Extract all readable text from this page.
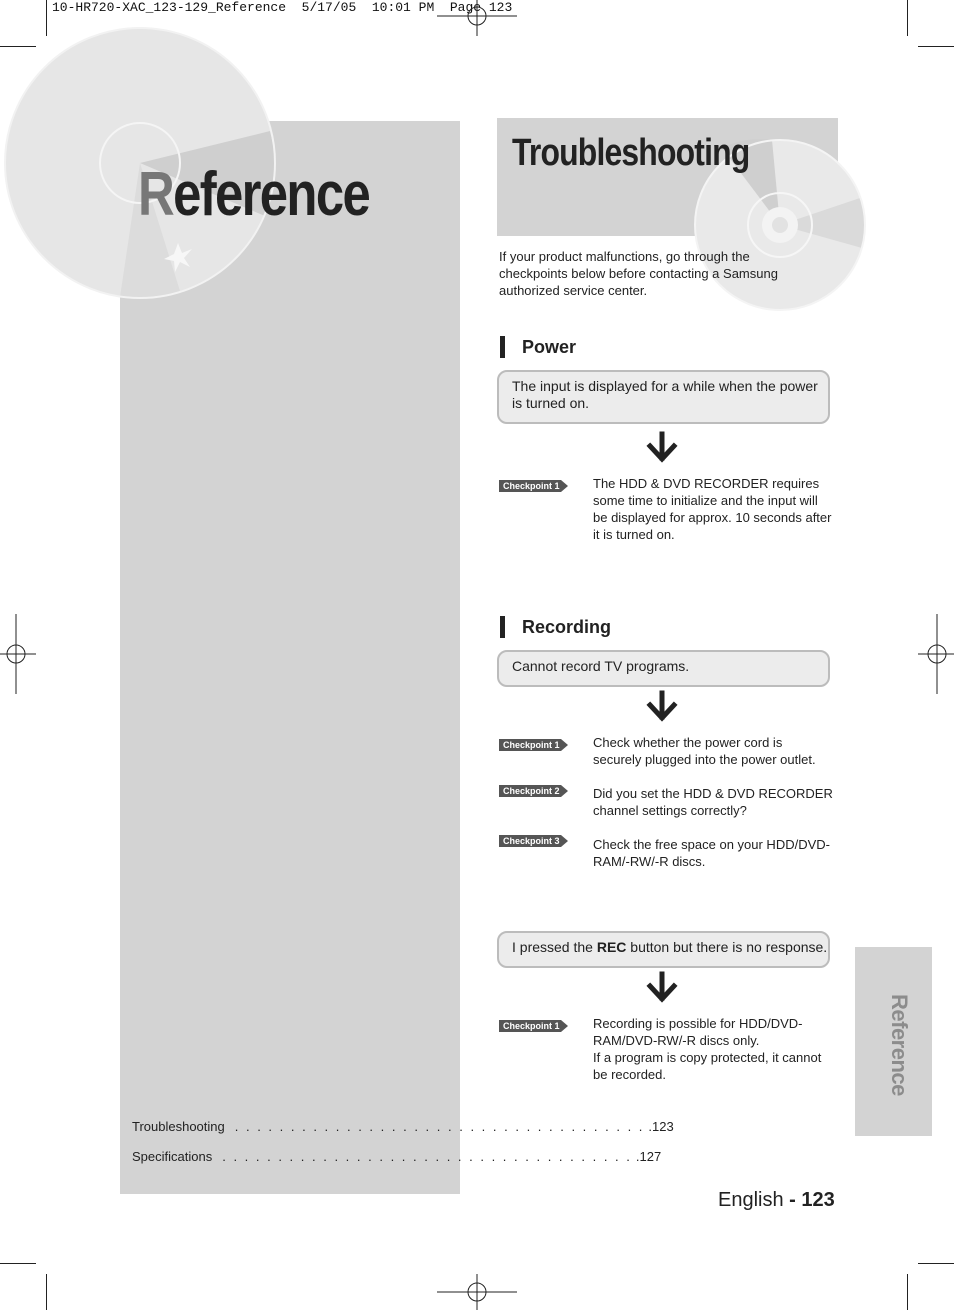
10-HR720-XAC_123-129_Reference  5/17/05  10:01 PM  Page 123
Reference
Troubleshooting . . . . . . . . . . . . . . . . . . . . . . . . . . . . . . . . . . . . . .123
Specifications . . . . . . . . . . . . . . . . . . . . . . . . . . . . . . . . . . . . . .127
Troubleshooting
If your product malfunctions, go through the checkpoints below before contacting a Samsung authorized service center.
Power
The input is displayed for a while when the power is turned on.
Checkpoint 1	The HDD & DVD RECORDER requires some time to initialize and the input will be displayed for approx. 10 seconds after it is turned on.
Recording
Cannot record TV programs.
Checkpoint 1	Check whether the power cord is securely plugged into the power outlet.
Checkpoint 2	Did you set the HDD & DVD RECORDER channel settings correctly?
Checkpoint 3	Check the free space on your HDD/DVD-RAM/-RW/-R discs.
I pressed the REC button but there is no response.
Checkpoint 1	Recording is possible for HDD/DVD-RAM/DVD-RW/-R discs only.
If a program is copy protected, it cannot be recorded.	Reference
English - 123
